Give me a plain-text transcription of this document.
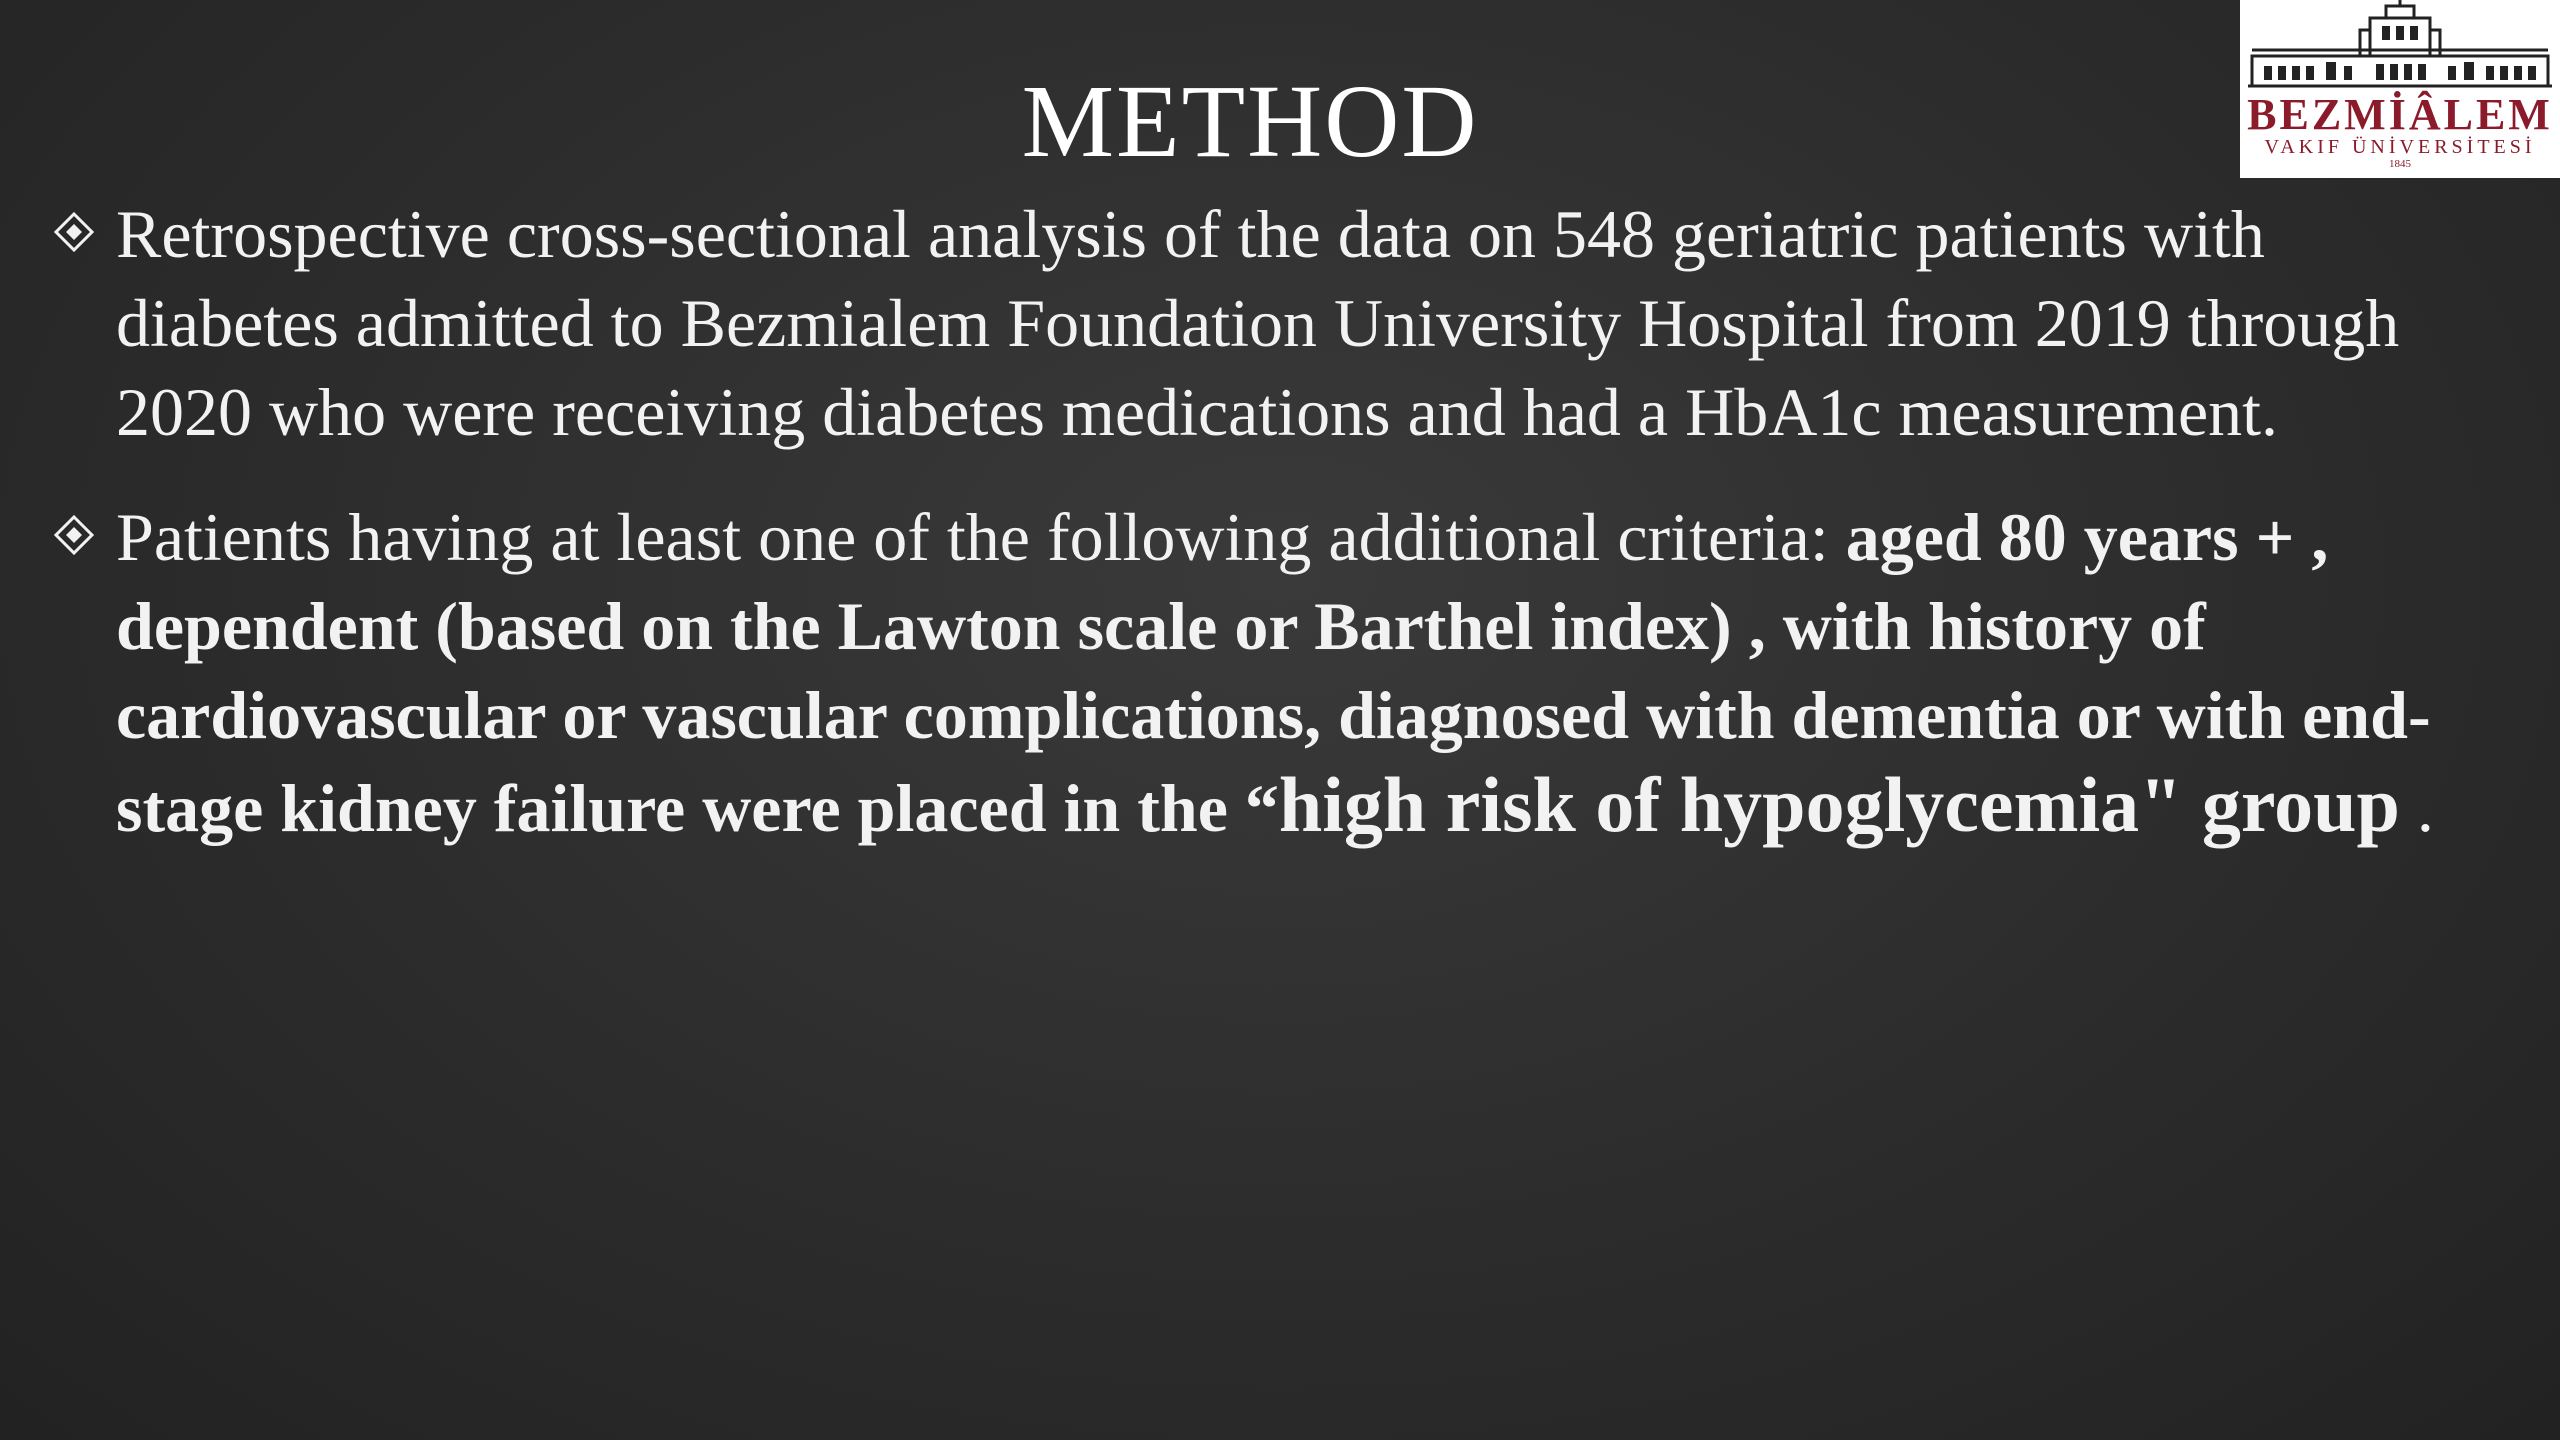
METHOD	BEZMİÂLEM
VAKIF ÜNİVERSİTESİ
1845
Retrospective cross-sectional analysis of the data on 548 geriatric patients with diabetes admitted to Bezmialem Foundation University Hospital from 2019 through 2020 who were receiving diabetes medications and had a HbA1c measurement.
Patients having at least one of the following additional criteria: aged 80 years + , dependent (based on the Lawton scale or Barthel index) , with history of cardiovascular or vascular complications, diagnosed with dementia or with end-stage kidney failure were placed in the “high risk of hypoglycemia" group .
